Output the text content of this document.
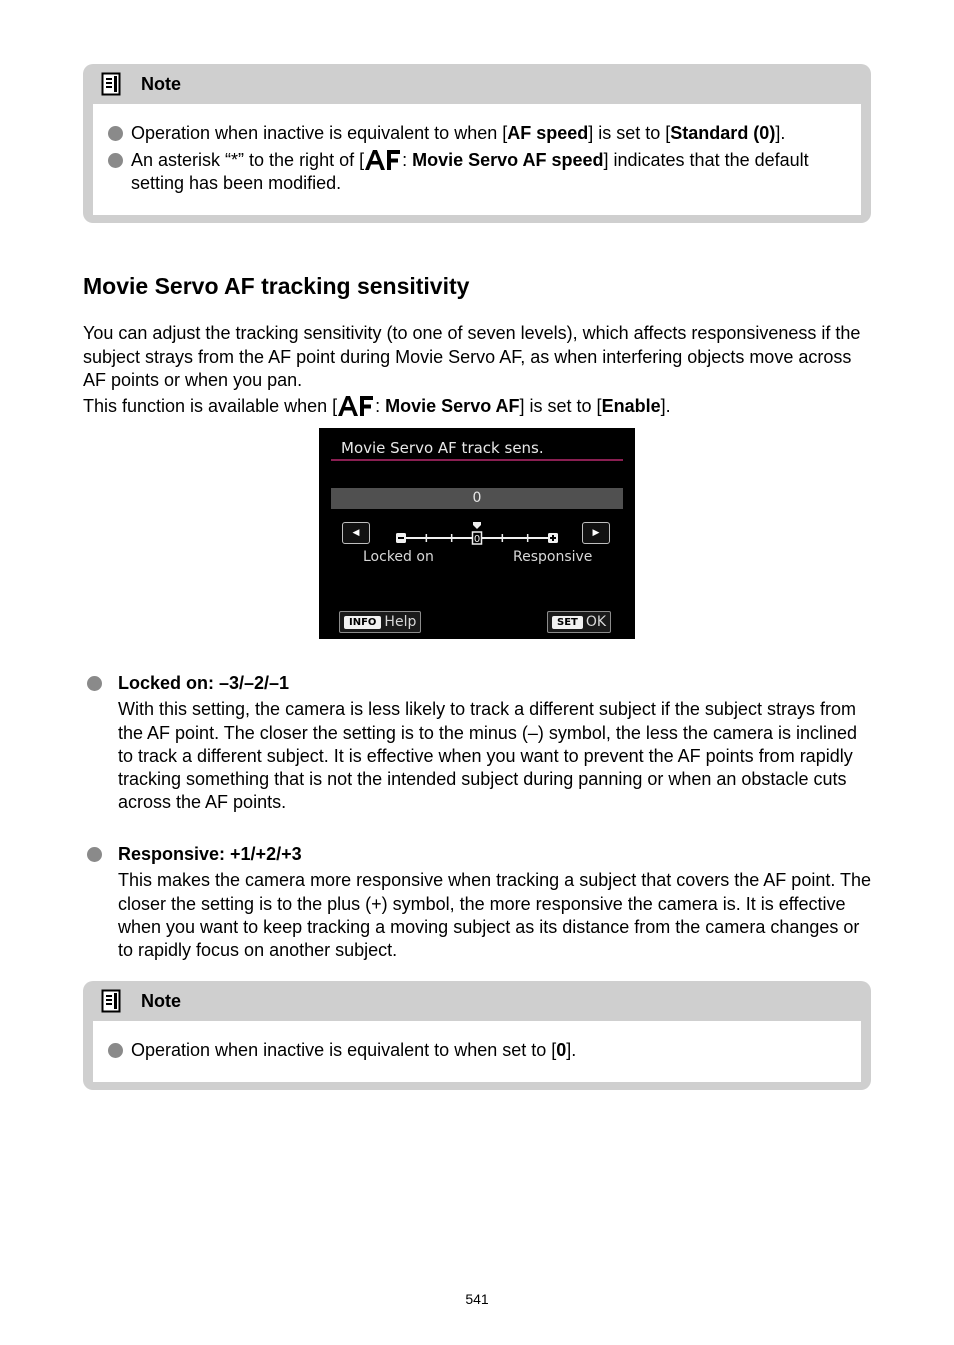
Note
Operation when inactive is equivalent to when [AF speed] is set to [Standard (0)].
An asterisk “*” to the right of [ : Movie Servo AF speed] indicates that the default setting has been modified.
Movie Servo AF tracking sensitivity
You can adjust the tracking sensitivity (to one of seven levels), which affects responsiveness if the subject strays from the AF point during Movie Servo AF, as when interfering objects move across AF points or when you pan.
This function is available when [ : Movie Servo AF] is set to [Enable].
Movie Servo AF track sens.
0
◀
0
▶
Locked on	Responsive
INFO Help	SET OK
Locked on: –3/–2/–1
With this setting, the camera is less likely to track a different subject if the subject strays from the AF point. The closer the setting is to the minus (–) symbol, the less the camera is inclined to track a different subject. It is effective when you want to prevent the AF points from rapidly tracking something that is not the intended subject during panning or when an obstacle cuts across the AF points.
Responsive: +1/+2/+3
This makes the camera more responsive when tracking a subject that covers the AF point. The closer the setting is to the plus (+) symbol, the more responsive the camera is. It is effective when you want to keep tracking a moving subject as its distance from the camera changes or to rapidly focus on another subject.
Note
Operation when inactive is equivalent to when set to [0].
541
